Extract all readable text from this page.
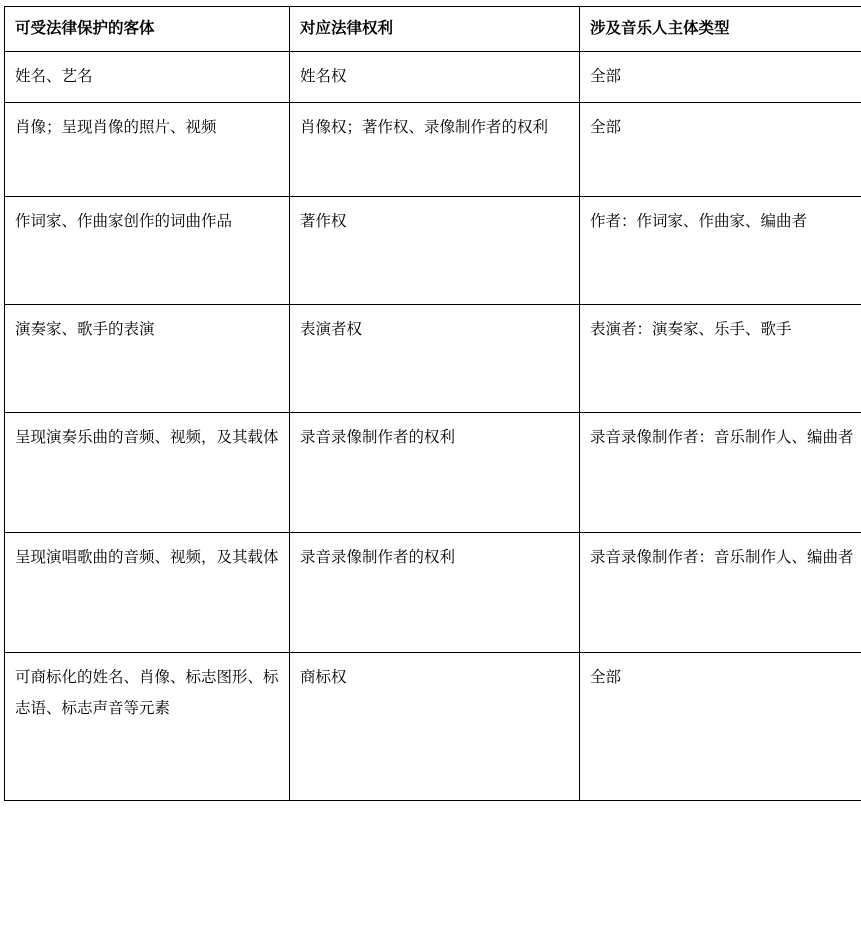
可受法律保护的客体	对应法律权利	涉及音乐人主体类型
姓名、艺名	姓名权	全部
肖像；呈现肖像的照片、视频	肖像权；著作权、录像制作者的权利	全部
作词家、作曲家创作的词曲作品	著作权	作者：作词家、作曲家、编曲者
演奏家、歌手的表演	表演者权	表演者：演奏家、乐手、歌手
呈现演奏乐曲的音频、视频，及其载体	录音录像制作者的权利	录音录像制作者：音乐制作人、编曲者
呈现演唱歌曲的音频、视频，及其载体	录音录像制作者的权利	录音录像制作者：音乐制作人、编曲者
可商标化的姓名、肖像、标志图形、标志语、标志声音等元素	商标权	全部
